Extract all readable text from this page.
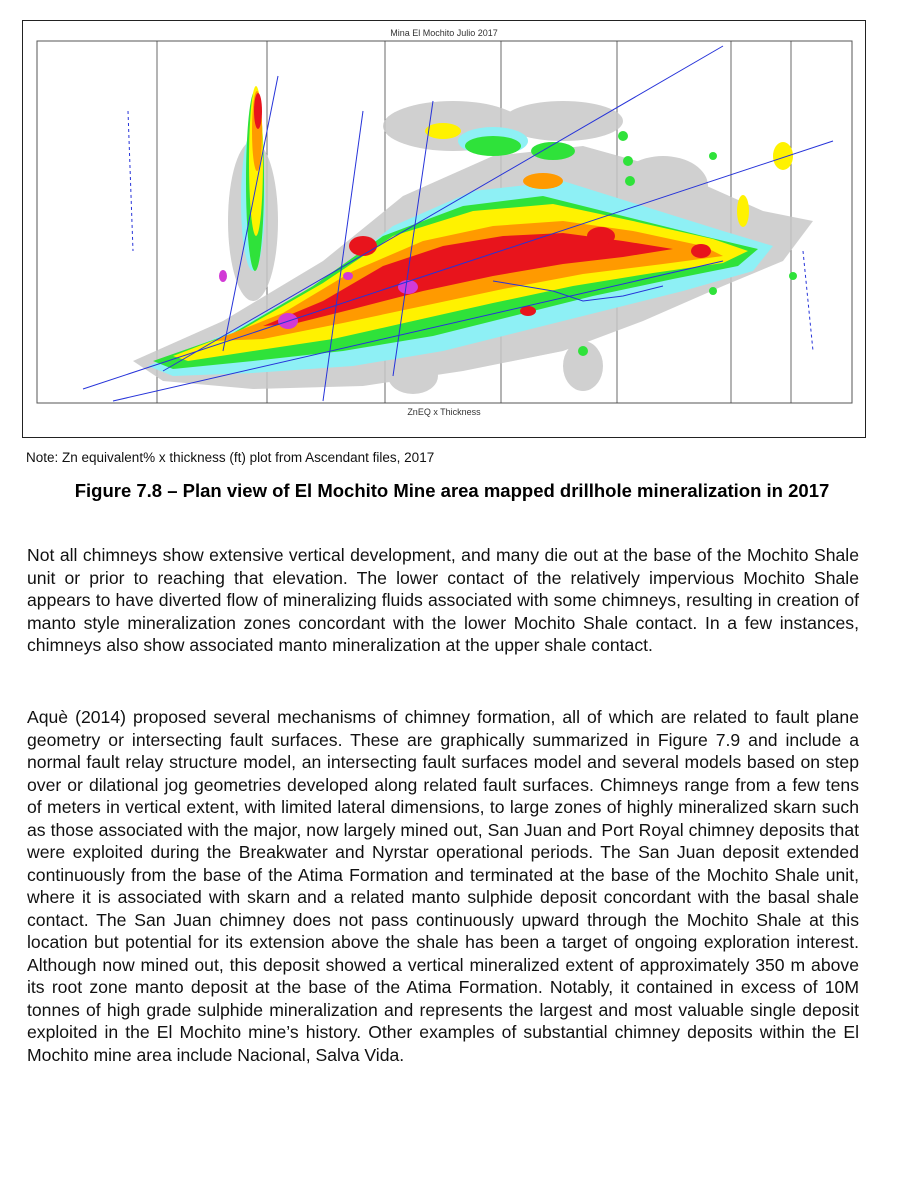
Mina El Mochito Julio 2017
ZnEQ x Thickness
Note: Zn equivalent% x thickness (ft) plot from Ascendant files, 2017
Figure 7.8 – Plan view of El Mochito Mine area mapped drillhole mineralization in 2017
Not all chimneys show extensive vertical development, and many die out at the base of the Mochito Shale unit or prior to reaching that elevation. The lower contact of the relatively impervious Mochito Shale appears to have diverted flow of mineralizing fluids associated with some chimneys, resulting in creation of manto style mineralization zones concordant with the lower Mochito Shale contact. In a few instances, chimneys also show associated manto mineralization at the upper shale contact.
Aquè (2014) proposed several mechanisms of chimney formation, all of which are related to fault plane geometry or intersecting fault surfaces. These are graphically summarized in Figure 7.9 and include a normal fault relay structure model, an intersecting fault surfaces model and several models based on step over or dilational jog geometries developed along related fault surfaces. Chimneys range from a few tens of meters in vertical extent, with limited lateral dimensions, to large zones of highly mineralized skarn such as those associated with the major, now largely mined out, San Juan and Port Royal chimney deposits that were exploited during the Breakwater and Nyrstar operational periods. The San Juan deposit extended continuously from the base of the Atima Formation and terminated at the base of the Mochito Shale unit, where it is associated with skarn and a related manto sulphide deposit concordant with the basal shale contact. The San Juan chimney does not pass continuously upward through the Mochito Shale at this location but potential for its extension above the shale has been a target of ongoing exploration interest. Although now mined out, this deposit showed a vertical mineralized extent of approximately 350 m above its root zone manto deposit at the base of the Atima Formation. Notably, it contained in excess of 10M tonnes of high grade sulphide mineralization and represents the largest and most valuable single deposit exploited in the El Mochito mine’s history. Other examples of substantial chimney deposits within the El Mochito mine area include Nacional, Salva Vida.
